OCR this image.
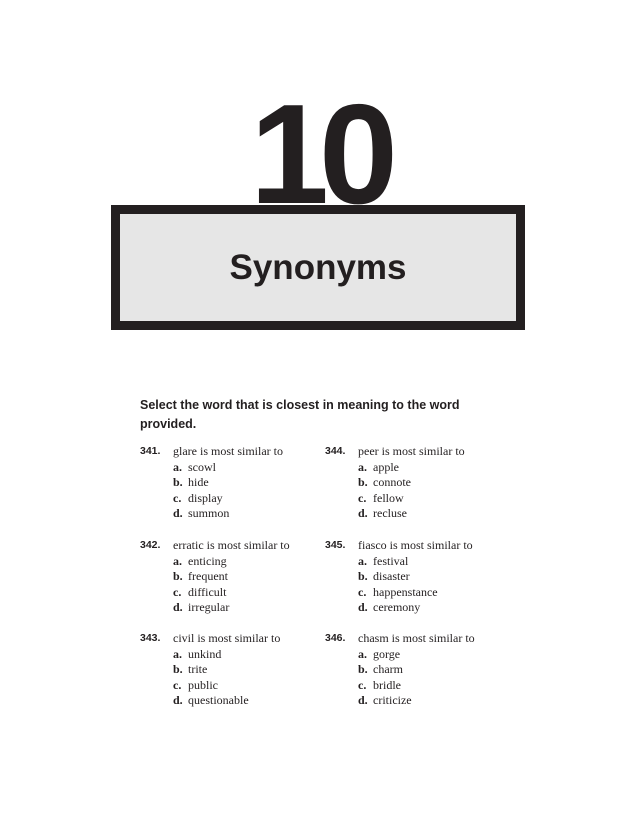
10
Synonyms
Select the word that is closest in meaning to the word provided.
341. glare is most similar to
a. scowl
b. hide
c. display
d. summon
342. erratic is most similar to
a. enticing
b. frequent
c. difficult
d. irregular
343. civil is most similar to
a. unkind
b. trite
c. public
d. questionable
344. peer is most similar to
a. apple
b. connote
c. fellow
d. recluse
345. fiasco is most similar to
a. festival
b. disaster
c. happenstance
d. ceremony
346. chasm is most similar to
a. gorge
b. charm
c. bridle
d. criticize
